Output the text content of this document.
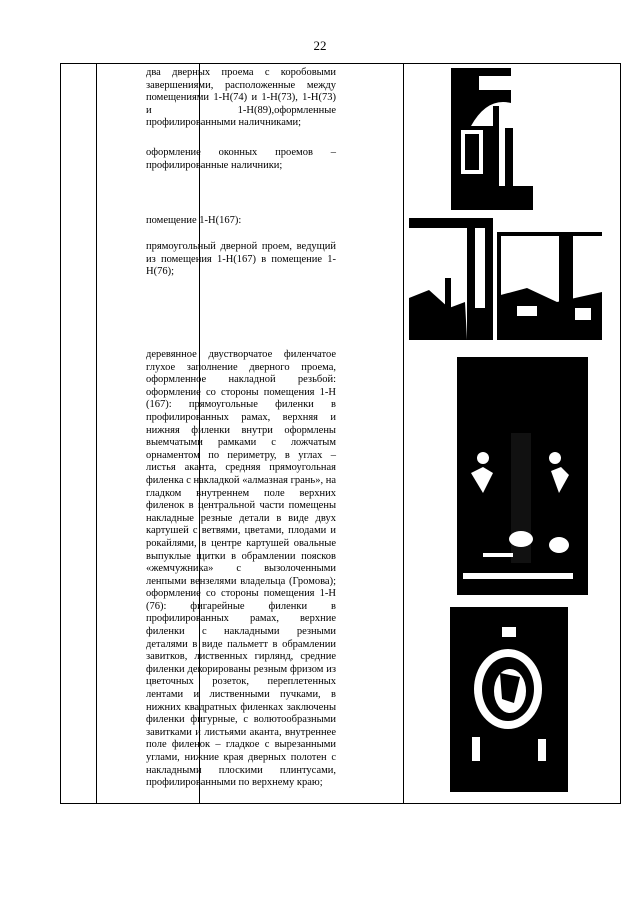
22
два дверных проема с коробовыми завершениями, расположенные между помещениями 1-Н(74) и 1-Н(73), 1-Н(73) и 1-Н(89),оформленные профилированными наличниками;
оформление оконных проемов – профилированные наличники;
помещение 1-Н(167):
прямоугольный дверной проем, ведущий из помещения 1-Н(167) в помещение 1-Н(76);
деревянное двустворчатое филенчатое глухое заполнение дверного проема, оформленное накладной резьбой: оформление со стороны помещения 1-Н (167): прямоугольные филенки в профилированных рамах, верхняя и нижняя филенки внутри оформлены выемчатыми рамками с ложчатым орнаментом по периметру, в углах – листья аканта, средняя прямоугольная филенка с накладкой «алмазная грань», на гладком внутреннем поле верхних филенок в центральной части помещены накладные резные детали в виде двух картушей с ветвями, цветами, плодами и рокайлями, в центре картушей овальные выпуклые щитки в обрамлении поясков «жемчужника» с вызолоченными ленпыми вензелями владельца (Громова); оформление со стороны помещения 1-Н (76): фигарейные филенки в профилированных рамах, верхние филенки с накладными резными деталями в виде пальметт в обрамлении завитков, лиственных гирлянд, средние филенки декорированы резным фризом из цветочных розеток, переплетенных лентами и лиственными пучками, в нижних квадратных филенках заключены филенки фигурные, с волютообразными завитками и листьями аканта, внутреннее поле филенок – гладкое с вырезанными углами, нижние края дверных полотен с накладными плоскими плинтусами, профилированными по верхнему краю;
